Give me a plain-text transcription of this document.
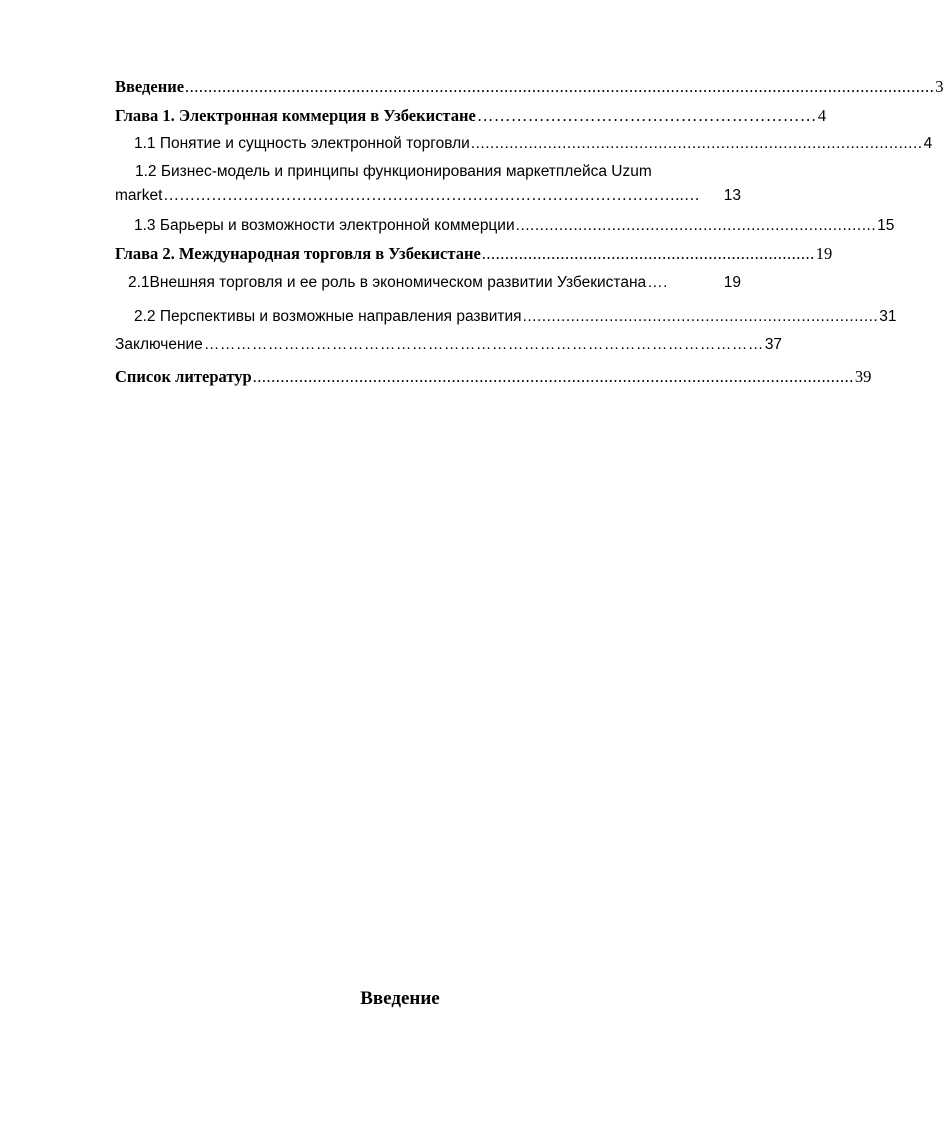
Введение .................................................................................................................................................................. 3
Глава 1. Электронная коммерция в Узбекистане …………………………………………………… 4
1.1 Понятие и сущность электронной торговли .............................................................................................. 4
1.2 Бизнес-модель и принципы функционирования маркетплейса Uzum
market ……………………………………………………………………………………..…	13
1.3 Барьеры и возможности электронной коммерции ........................................................................... 15
Глава 2. Международная торговля в Узбекистане ........................................................................ 19
2.1Внешняя торговля и ее роль в экономическом развитии Узбекистана ….	19
2.2 Перспективы и возможные направления развития .......................................................................... 31
Заключение …………………………………………………………………………………………… 37
Список литератур .................................................................................................................................. 39
Введение
